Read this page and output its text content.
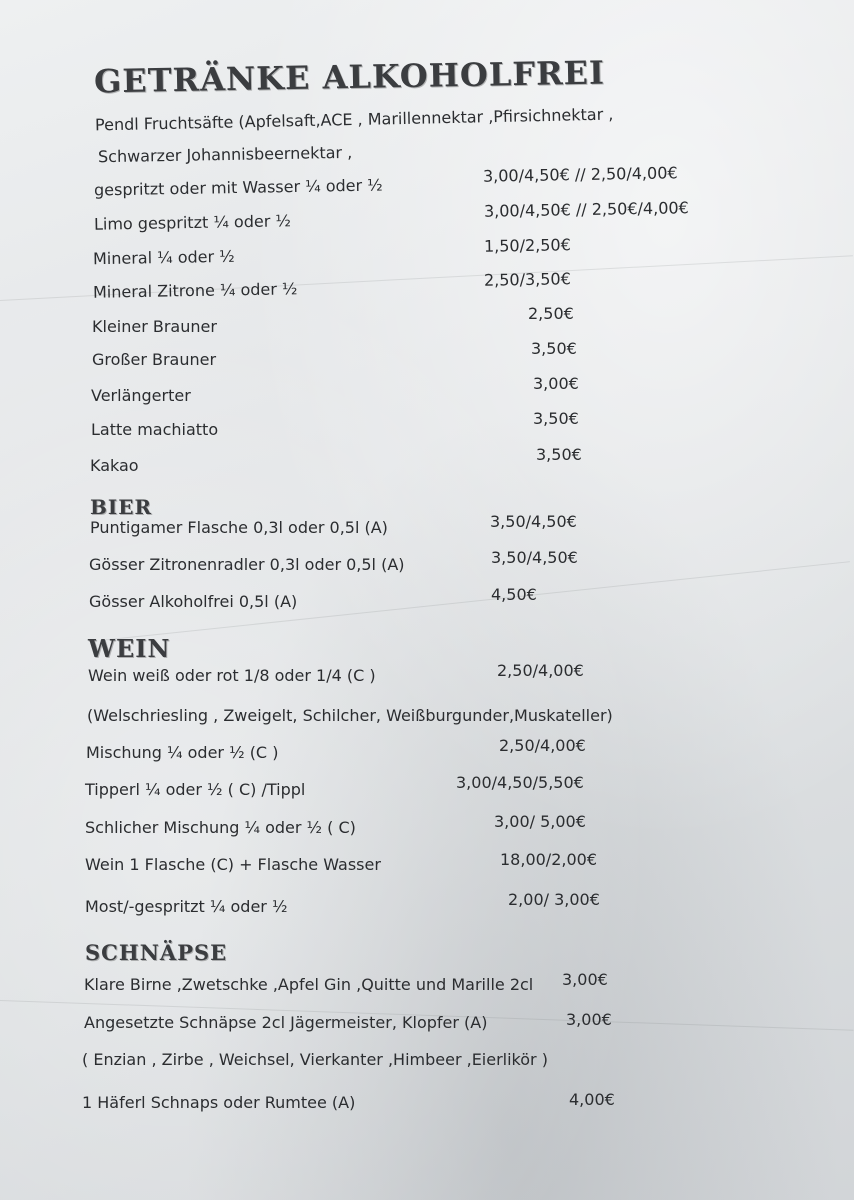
GETRÄNKE ALKOHOLFREI
Pendl Fruchtsäfte (Apfelsaft,ACE , Marillennektar ,Pfirsichnektar ,
Schwarzer Johannisbeernektar ,
gespritzt oder mit Wasser ¼ oder ½
3,00/4,50€ // 2,50/4,00€
Limo gespritzt ¼ oder ½
3,00/4,50€ // 2,50€/4,00€
Mineral ¼ oder ½
1,50/2,50€
Mineral Zitrone ¼ oder ½	2,50/3,50€
Kleiner Brauner
2,50€
Großer Brauner
3,50€
Verlängerter
3,00€
Latte machiatto
3,50€
Kakao
3,50€
BIER
Puntigamer Flasche 0,3l oder 0,5l (A)	3,50/4,50€
Gösser Zitronenradler 0,3l oder 0,5l (A)	3,50/4,50€
Gösser Alkoholfrei 0,5l (A)	4,50€
WEIN
Wein weiß oder rot 1/8 oder 1/4 (C )	2,50/4,00€
(Welschriesling , Zweigelt, Schilcher, Weißburgunder,Muskateller)
Mischung ¼ oder ½ (C )	2,50/4,00€
Tipperl ¼ oder ½ ( C) /Tippl	3,00/4,50/5,50€
Schlicher Mischung ¼ oder ½ ( C)	3,00/ 5,00€
Wein 1 Flasche (C) + Flasche Wasser	18,00/2,00€
Most/-gespritzt ¼ oder ½	2,00/ 3,00€
SCHNÄPSE
Klare Birne ,Zwetschke ,Apfel Gin ,Quitte und Marille 2cl 3,00€
Angesetzte Schnäpse 2cl Jägermeister, Klopfer (A)	3,00€
( Enzian , Zirbe , Weichsel, Vierkanter ,Himbeer ,Eierlikör )
1 Häferl Schnaps oder Rumtee (A)	4,00€
